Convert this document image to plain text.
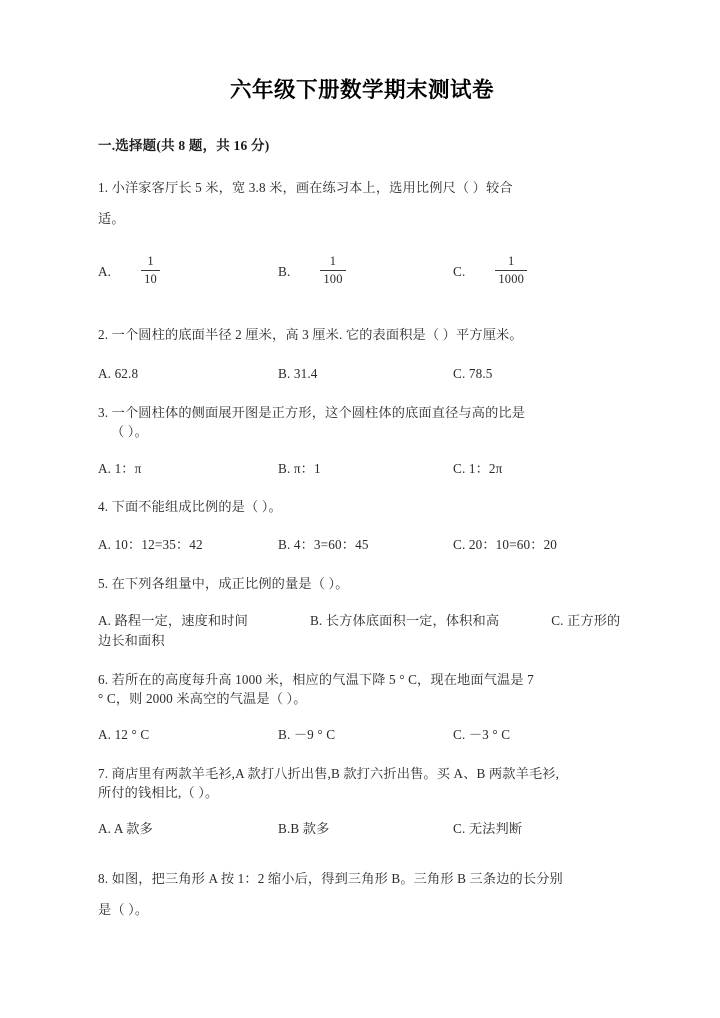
六年级下册数学期末测试卷
一.选择题(共 8 题，共 16 分)
1. 小洋家客厅长 5 米，宽 3.8 米，画在练习本上，选用比例尺（ ）较合
适。
A. $\frac{1}{10}$	B. $\frac{1}{100}$	C. $\frac{1}{1000}$
2. 一个圆柱的底面半径 2 厘米，高 3 厘米. 它的表面积是（ ）平方厘米。
A. 62.8	B. 31.4	C. 78.5
3. 一个圆柱体的侧面展开图是正方形，这个圆柱体的底面直径与高的比是
（ ）。
A. 1：π	B. π：1	C. 1：2π
4. 下面不能组成比例的是（ ）。
A. 10：12=35：42	B. 4：3=60：45	C. 20：10=60：20
5. 在下列各组量中，成正比例的量是（ ）。
A. 路程一定，速度和时间	B. 长方体底面积一定，体积和高	C. 正方形的边长和面积
6. 若所在的高度每升高 1000 米，相应的气温下降 5 ° C，现在地面气温是 7
° C，则 2000 米高空的气温是（ ）。
A. 12 ° C	B. －9 ° C	C. －3 ° C
7. 商店里有两款羊毛衫,A 款打八折出售,B 款打六折出售。买 A、B 两款羊毛衫,
所付的钱相比,（ ）。
A. A 款多	B.B 款多	C. 无法判断
8. 如图，把三角形 A 按 1：2 缩小后，得到三角形 B。三角形 B 三条边的长分别
是（ ）。
